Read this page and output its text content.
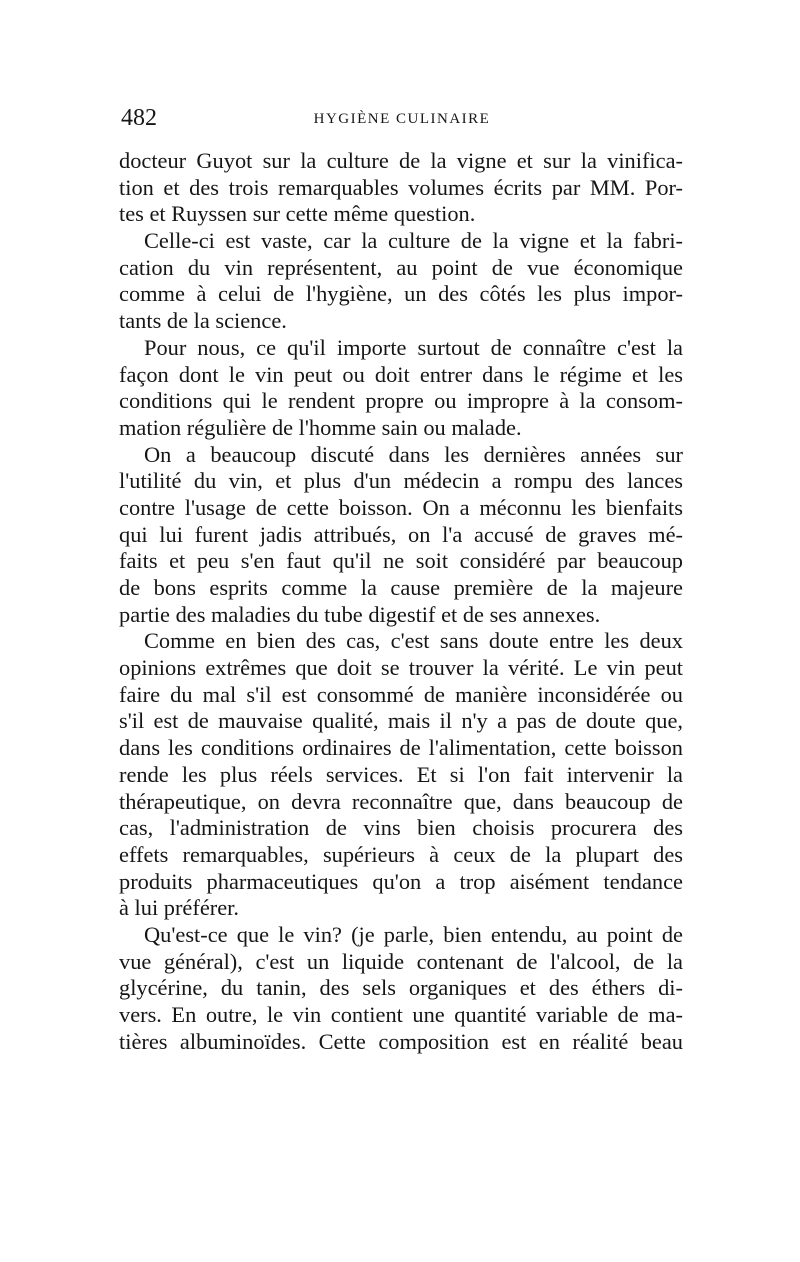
482	HYGIÈNE CULINAIRE
docteur Guyot sur la culture de la vigne et sur la vinifica-
tion et des trois remarquables volumes écrits par MM. Por-
tes et Ruyssen sur cette même question.
Celle-ci est vaste, car la culture de la vigne et la fabri-
cation du vin représentent, au point de vue économique
comme à celui de l'hygiène, un des côtés les plus impor-
tants de la science.
Pour nous, ce qu'il importe surtout de connaître c'est la
façon dont le vin peut ou doit entrer dans le régime et les
conditions qui le rendent propre ou impropre à la consom-
mation régulière de l'homme sain ou malade.
On a beaucoup discuté dans les dernières années sur
l'utilité du vin, et plus d'un médecin a rompu des lances
contre l'usage de cette boisson. On a méconnu les bienfaits
qui lui furent jadis attribués, on l'a accusé de graves mé-
faits et peu s'en faut qu'il ne soit considéré par beaucoup
de bons esprits comme la cause première de la majeure
partie des maladies du tube digestif et de ses annexes.
Comme en bien des cas, c'est sans doute entre les deux
opinions extrêmes que doit se trouver la vérité. Le vin peut
faire du mal s'il est consommé de manière inconsidérée ou
s'il est de mauvaise qualité, mais il n'y a pas de doute que,
dans les conditions ordinaires de l'alimentation, cette boisson
rende les plus réels services. Et si l'on fait intervenir la
thérapeutique, on devra reconnaître que, dans beaucoup de
cas, l'administration de vins bien choisis procurera des
effets remarquables, supérieurs à ceux de la plupart des
produits pharmaceutiques qu'on a trop aisément tendance
à lui préférer.
Qu'est-ce que le vin? (je parle, bien entendu, au point de
vue général), c'est un liquide contenant de l'alcool, de la
glycérine, du tanin, des sels organiques et des éthers di-
vers. En outre, le vin contient une quantité variable de ma-
tières albuminoïdes. Cette composition est en réalité beau
